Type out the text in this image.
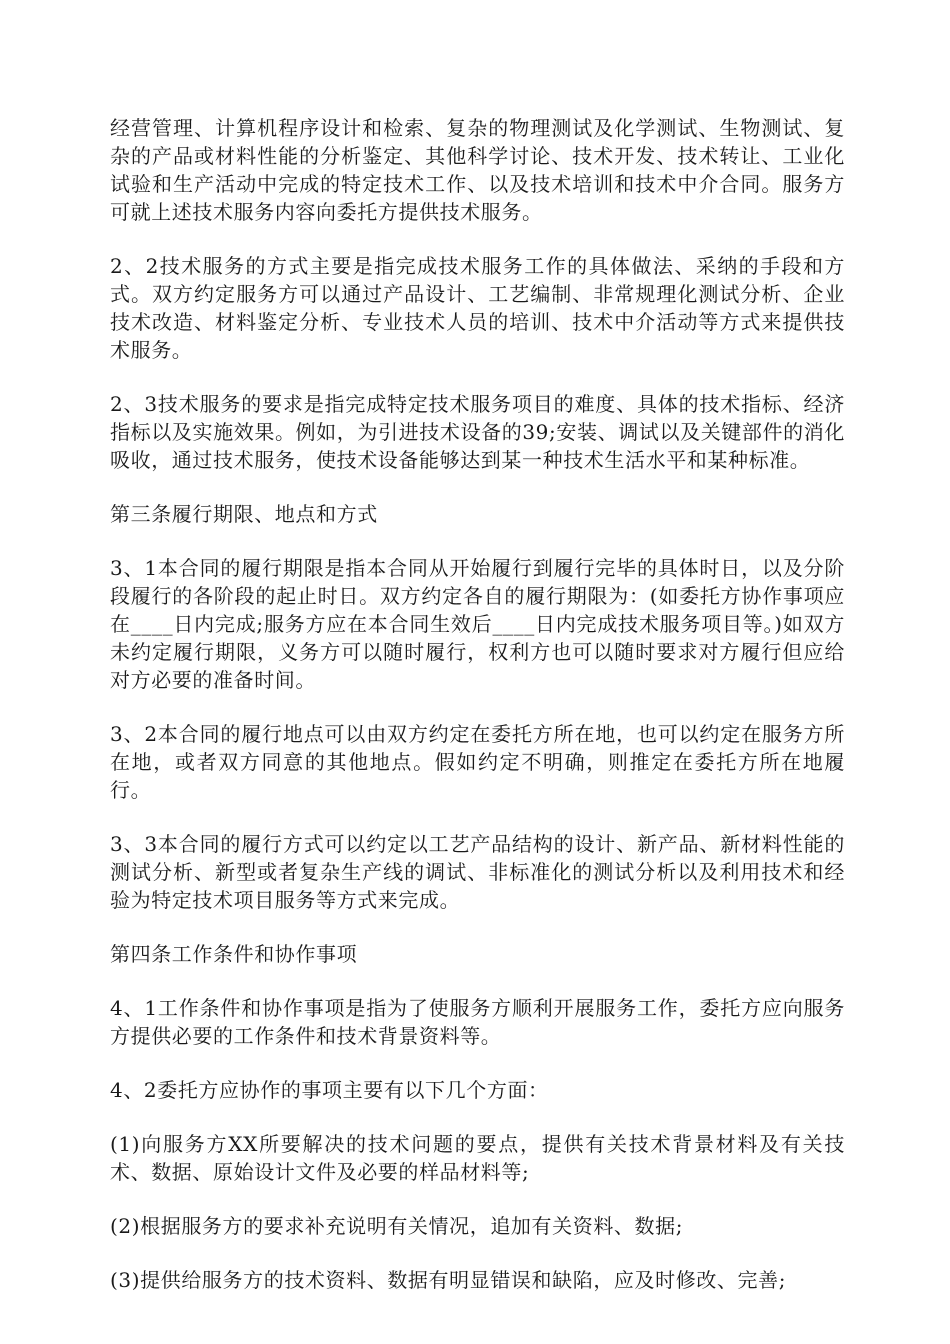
经营管理、计算机程序设计和检索、复杂的物理测试及化学测试、生物测试、复杂的产品或材料性能的分析鉴定、其他科学讨论、技术开发、技术转让、工业化试验和生产活动中完成的特定技术工作、以及技术培训和技术中介合同。服务方可就上述技术服务内容向委托方提供技术服务。

2、2技术服务的方式主要是指完成技术服务工作的具体做法、采纳的手段和方式。双方约定服务方可以通过产品设计、工艺编制、非常规理化测试分析、企业技术改造、材料鉴定分析、专业技术人员的培训、技术中介活动等方式来提供技术服务。

2、3技术服务的要求是指完成特定技术服务项目的难度、具体的技术指标、经济指标以及实施效果。例如，为引进技术设备的39;安装、调试以及关键部件的消化吸收，通过技术服务，使技术设备能够达到某一种技术生活水平和某种标准。

第三条履行期限、地点和方式

3、1本合同的履行期限是指本合同从开始履行到履行完毕的具体时日，以及分阶段履行的各阶段的起止时日。双方约定各自的履行期限为：(如委托方协作事项应在____日内完成;服务方应在本合同生效后____日内完成技术服务项目等。)如双方未约定履行期限，义务方可以随时履行，权利方也可以随时要求对方履行但应给对方必要的准备时间。

3、2本合同的履行地点可以由双方约定在委托方所在地，也可以约定在服务方所在地，或者双方同意的其他地点。假如约定不明确，则推定在委托方所在地履行。

3、3本合同的履行方式可以约定以工艺产品结构的设计、新产品、新材料性能的测试分析、新型或者复杂生产线的调试、非标准化的测试分析以及利用技术和经验为特定技术项目服务等方式来完成。

第四条工作条件和协作事项

4、1工作条件和协作事项是指为了使服务方顺利开展服务工作，委托方应向服务方提供必要的工作条件和技术背景资料等。

4、2委托方应协作的事项主要有以下几个方面：

(1)向服务方XX所要解决的技术问题的要点，提供有关技术背景材料及有关技术、数据、原始设计文件及必要的样品材料等;

(2)根据服务方的要求补充说明有关情况，追加有关资料、数据;

(3)提供给服务方的技术资料、数据有明显错误和缺陷，应及时修改、完善;
